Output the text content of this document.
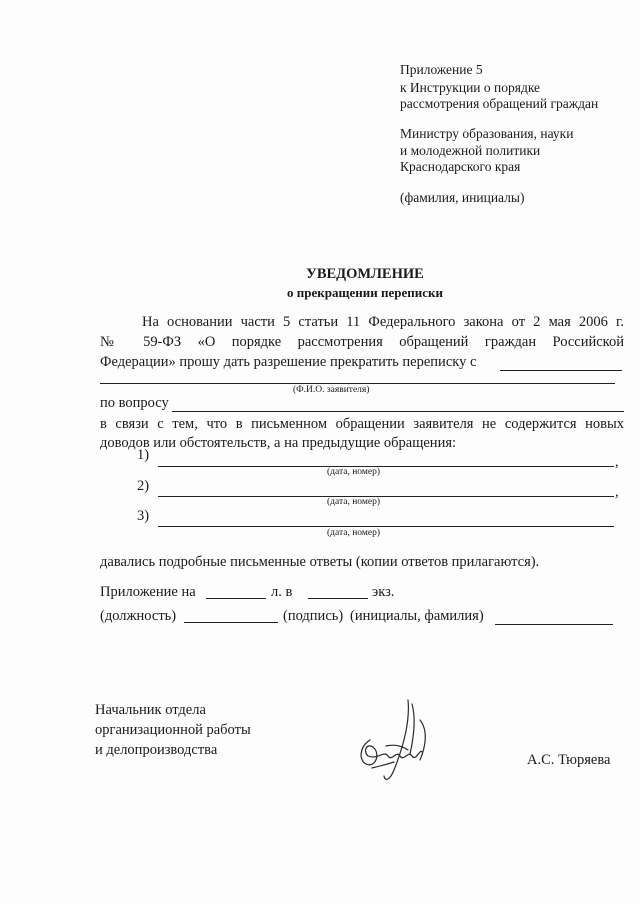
Приложение 5
к Инструкции о порядке
рассмотрения обращений граждан
Министру образования, науки
и молодежной политики
Краснодарского края
(фамилия, инициалы)
УВЕДОМЛЕНИЕ
о прекращении переписки
На основании части 5 статьи 11 Федерального закона от 2 мая 2006 г.
№ 59-ФЗ «О порядке рассмотрения обращений граждан Российской
Федерации» прошу дать разрешение прекратить переписку с
(Ф.И.О. заявителя)
по вопросу
в связи с тем, что в письменном обращении заявителя не содержится новых
доводов или обстоятельств, а на предыдущие обращения:
1)	,
(дата, номер)
2)	,
(дата, номер)
3)
(дата, номер)
давались подробные письменные ответы (копии ответов прилагаются).
Приложение на	л. в	экз.
(должность)	(подпись) (инициалы, фамилия)
Начальник отдела
организационной работы
и делопроизводства
А.С. Тюряева
